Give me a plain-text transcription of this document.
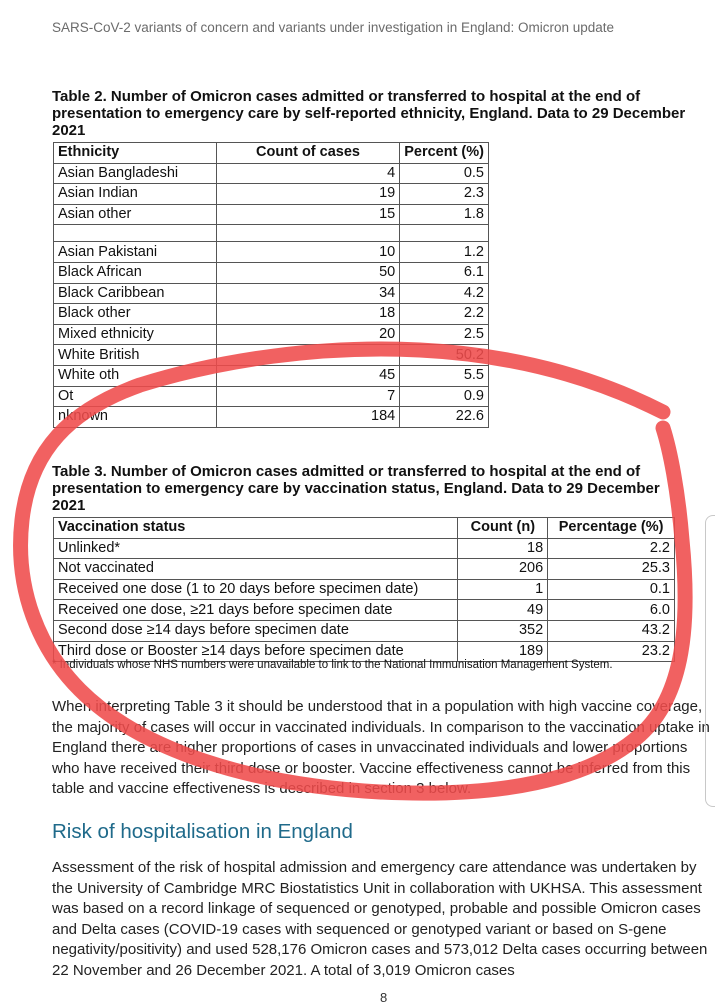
SARS-CoV-2 variants of concern and variants under investigation in England: Omicron update
Table 2. Number of Omicron cases admitted or transferred to hospital at the end of presentation to emergency care by self-reported ethnicity, England. Data to 29 December 2021
Ethnicity	Count of cases	Percent (%)
Asian Bangladeshi	4	0.5
Asian Indian	19	2.3
Asian other	15	1.8

Asian Pakistani	10	1.2
Black African	50	6.1
Black Caribbean	34	4.2
Black other	18	2.2
Mixed ethnicity	20	2.5
White British		50.2
White oth	45	5.5
Ot	7	0.9
nknown	184	22.6
Table 3. Number of Omicron cases admitted or transferred to hospital at the end of presentation to emergency care by vaccination status, England. Data to 29 December 2021
Vaccination status	Count (n)	Percentage (%)
Unlinked*	18	2.2
Not vaccinated	206	25.3
Received one dose (1 to 20 days before specimen date)	1	0.1
Received one dose, ≥21 days before specimen date	49	6.0
Second dose ≥14 days before specimen date	352	43.2
Third dose or Booster ≥14 days before specimen date	189	23.2
* Individuals whose NHS numbers were unavailable to link to the National Immunisation Management System.
When interpreting Table 3 it should be understood that in a population with high vaccine coverage, the majority of cases will occur in vaccinated individuals. In comparison to the vaccination uptake in England there are higher proportions of cases in unvaccinated individuals and lower proportions who have received their third dose or booster. Vaccine effectiveness cannot be inferred from this table and vaccine effectiveness is described in section 3 below.
Risk of hospitalisation in England
Assessment of the risk of hospital admission and emergency care attendance was undertaken by the University of Cambridge MRC Biostatistics Unit in collaboration with UKHSA. This assessment was based on a record linkage of sequenced or genotyped, probable and possible Omicron cases and Delta cases (COVID-19 cases with sequenced or genotyped variant or based on S-gene negativity/positivity) and used 528,176 Omicron cases and 573,012 Delta cases occurring between 22 November and 26 December 2021. A total of 3,019 Omicron cases
8
